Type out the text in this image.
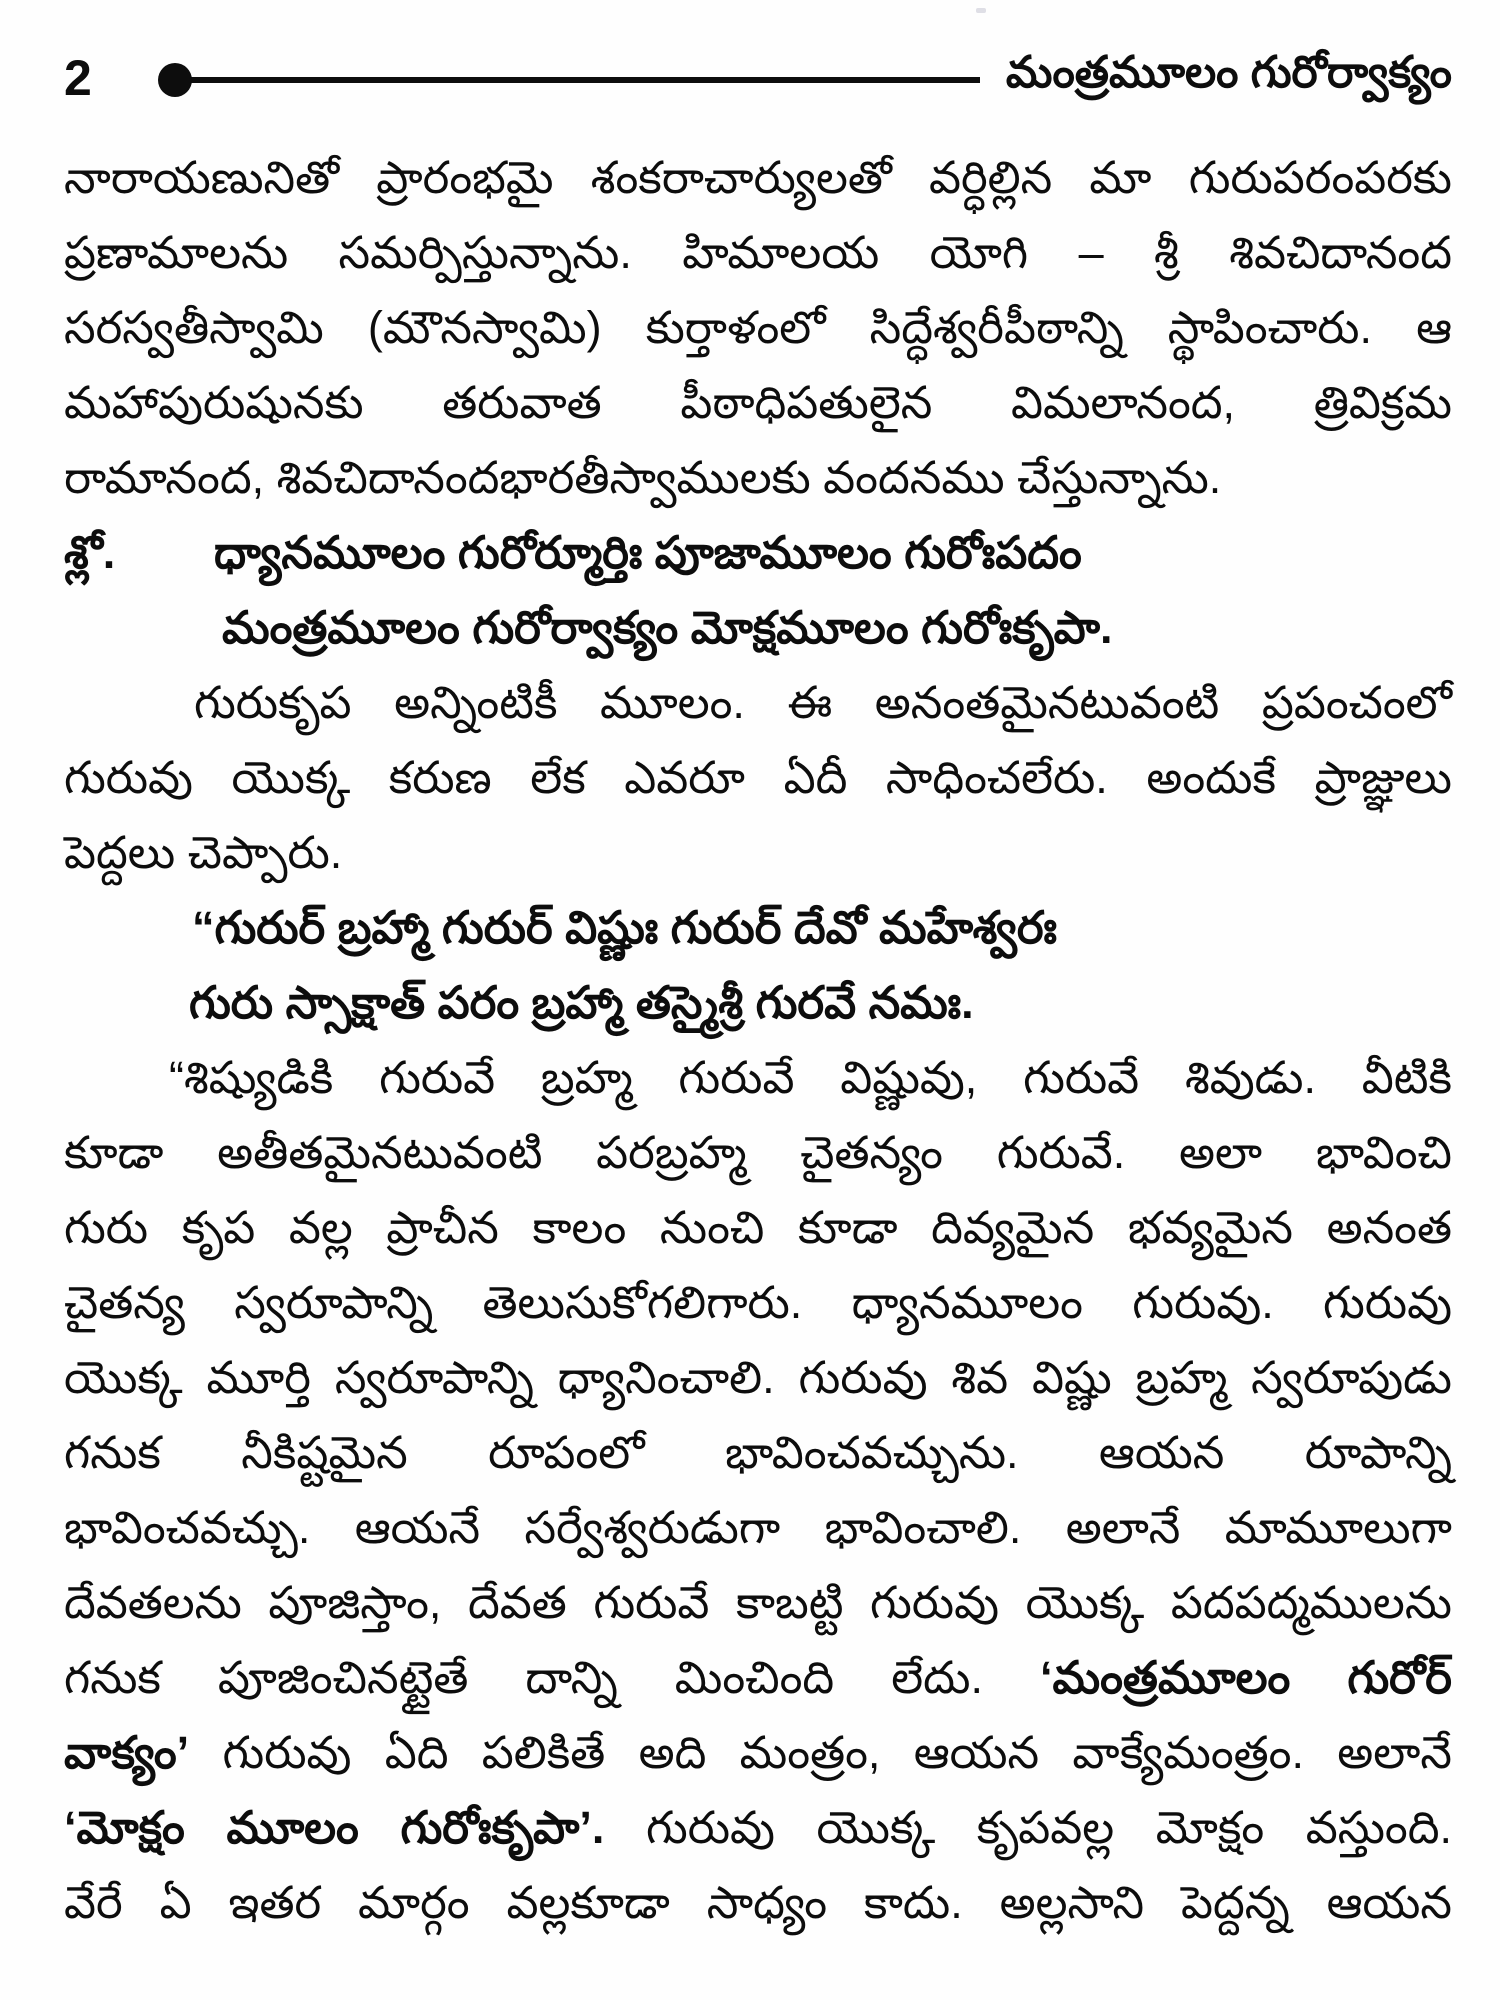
2	మంత్రమూలం గురోర్వాక్యం
నారాయణునితో ప్రారంభమై శంకరాచార్యులతో వర్ధిల్లిన మా గురుపరంపరకు
ప్రణామాలను సమర్పిస్తున్నాను. హిమాలయ యోగి – శ్రీ శివచిదానంద
సరస్వతీస్వామి (మౌనస్వామి) కుర్తాళంలో సిద్ధేశ్వరీపీఠాన్ని స్థాపించారు. ఆ
మహాపురుషునకు తరువాత పీఠాధిపతులైన విమలానంద, త్రివిక్రమ
రామానంద, శివచిదానందభారతీస్వాములకు వందనము చేస్తున్నాను.
శ్లో. ధ్యానమూలం గురోర్మూర్తిః పూజామూలం గురోఃపదం
మంత్రమూలం గురోర్వాక్యం మోక్షమూలం గురోఃకృపా.
గురుకృప అన్నింటికీ మూలం. ఈ అనంతమైనటువంటి ప్రపంచంలో
గురువు యొక్క కరుణ లేక ఎవరూ ఏదీ సాధించలేరు. అందుకే ప్రాజ్ఞులు
పెద్దలు చెప్పారు.
“గురుర్ బ్రహ్మా గురుర్ విష్ణుః గురుర్ దేవో మహేశ్వరః
గురు స్సాక్షాత్ పరం బ్రహ్మా తస్మైశ్రీ గురవే నమః.
“శిష్యుడికి గురువే బ్రహ్మ గురువే విష్ణువు, గురువే శివుడు. వీటికి
కూడా అతీతమైనటువంటి పరబ్రహ్మ చైతన్యం గురువే. అలా భావించి
గురు కృప వల్ల ప్రాచీన కాలం నుంచి కూడా దివ్యమైన భవ్యమైన అనంత
చైతన్య స్వరూపాన్ని తెలుసుకోగలిగారు. ధ్యానమూలం గురువు. గురువు
యొక్క మూర్తి స్వరూపాన్ని ధ్యానించాలి. గురువు శివ విష్ణు బ్రహ్మ స్వరూపుడు
గనుక నీకిష్టమైన రూపంలో భావించవచ్చును. ఆయన రూపాన్ని
భావించవచ్చు. ఆయనే సర్వేశ్వరుడుగా భావించాలి. అలానే మామూలుగా
దేవతలను పూజిస్తాం, దేవత గురువే కాబట్టి గురువు యొక్క పదపద్మములను
గనుక పూజించినట్టైతే దాన్ని మించింది లేదు. ‘మంత్రమూలం గురోర్
వాక్యం’ గురువు ఏది పలికితే అది మంత్రం, ఆయన వాక్యేమంత్రం. అలానే
‘మోక్షం మూలం గురోఃకృపా’. గురువు యొక్క కృపవల్ల మోక్షం వస్తుంది.
వేరే ఏ ఇతర మార్గం వల్లకూడా సాధ్యం కాదు. అల్లసాని పెద్దన్న ఆయన
